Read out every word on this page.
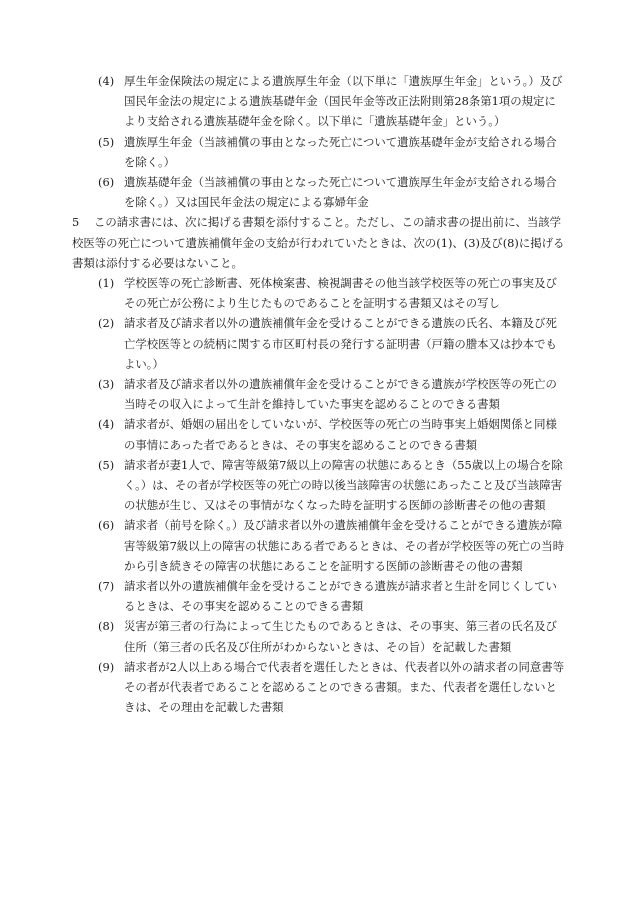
(4) 厚生年金保険法の規定による遺族厚生年金（以下単に「遺族厚生年金」という。）及び国民年金法の規定による遺族基礎年金（国民年金等改正法附則第28条第1項の規定により支給される遺族基礎年金を除く。以下単に「遺族基礎年金」という。）

(5) 遺族厚生年金（当該補償の事由となった死亡について遺族基礎年金が支給される場合を除く。）

(6) 遺族基礎年金（当該補償の事由となった死亡について遺族厚生年金が支給される場合を除く。）又は国民年金法の規定による寡婦年金

5 この請求書には、次に掲げる書類を添付すること。ただし、この請求書の提出前に、当該学校医等の死亡について遺族補償年金の支給が行われていたときは、次の(1)、(3)及び(8)に掲げる書類は添付する必要はないこと。

(1) 学校医等の死亡診断書、死体検案書、検視調書その他当該学校医等の死亡の事実及びその死亡が公務により生じたものであることを証明する書類又はその写し

(2) 請求者及び請求者以外の遺族補償年金を受けることができる遺族の氏名、本籍及び死亡学校医等との続柄に関する市区町村長の発行する証明書（戸籍の謄本又は抄本でもよい。）

(3) 請求者及び請求者以外の遺族補償年金を受けることができる遺族が学校医等の死亡の当時その収入によって生計を維持していた事実を認めることのできる書類

(4) 請求者が、婚姻の届出をしていないが、学校医等の死亡の当時事実上婚姻関係と同様の事情にあった者であるときは、その事実を認めることのできる書類

(5) 請求者が妻1人で、障害等級第7級以上の障害の状態にあるとき（55歳以上の場合を除く。）は、その者が学校医等の死亡の時以後当該障害の状態にあったこと及び当該障害の状態が生じ、又はその事情がなくなった時を証明する医師の診断書その他の書類

(6) 請求者（前号を除く。）及び請求者以外の遺族補償年金を受けることができる遺族が障害等級第7級以上の障害の状態にある者であるときは、その者が学校医等の死亡の当時から引き続きその障害の状態にあることを証明する医師の診断書その他の書類

(7) 請求者以外の遺族補償年金を受けることができる遺族が請求者と生計を同じくしているときは、その事実を認めることのできる書類

(8) 災害が第三者の行為によって生じたものであるときは、その事実、第三者の氏名及び住所（第三者の氏名及び住所がわからないときは、その旨）を記載した書類

(9) 請求者が2人以上ある場合で代表者を選任したときは、代表者以外の請求者の同意書等その者が代表者であることを認めることのできる書類。また、代表者を選任しないときは、その理由を記載した書類
